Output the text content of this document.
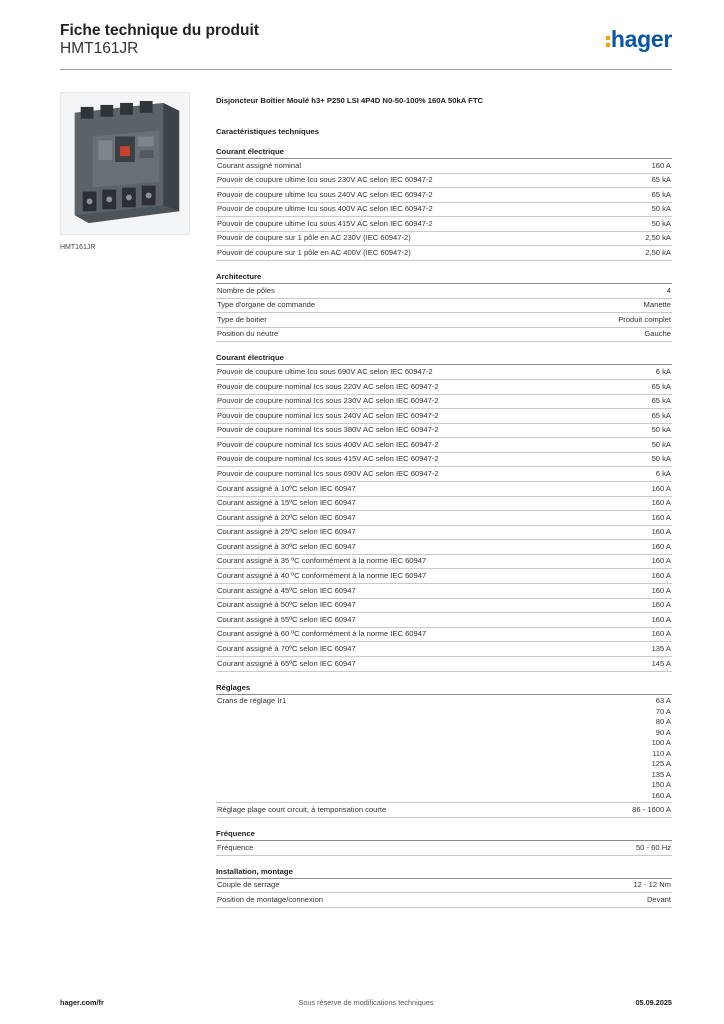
Fiche technique du produit
HMT161JR	hager
HMT161JR
Disjoncteur Boîtier Moulé h3+ P250 LSI 4P4D N0-50-100% 160A 50kA FTC
Caractéristiques techniques
Courant électrique
Courant assigné nominal	160 A
Pouvoir de coupure ultime Icu sous 230V AC selon IEC 60947-2	65 kA
Pouvoir de coupure ultime Icu sous 240V AC selon IEC 60947-2	65 kA
Pouvoir de coupure ultime Icu sous 400V AC selon IEC 60947-2	50 kA
Pouvoir de coupure ultime Icu sous 415V AC selon IEC 60947-2	50 kA
Pouvoir de coupure sur 1 pôle en AC 230V (IEC 60947-2)	2,50 kA
Pouvoir de coupure sur 1 pôle en AC 400V (IEC 60947-2)	2,50 kA
Architecture
Nombre de pôles	4
Type d'organe de commande	Manette
Type de boitier	Produit complet
Position du neutre	Gauche
Courant électrique
Pouvoir de coupure ultime Icu sous 690V AC selon IEC 60947-2	6 kA
Pouvoir de coupure nominal Ics sous 220V AC selon IEC 60947-2	65 kA
Pouvoir de coupure nominal Ics sous 230V AC selon IEC 60947-2	65 kA
Pouvoir de coupure nominal Ics sous 240V AC selon IEC 60947-2	65 kA
Pouvoir de coupure nominal Ics sous 380V AC selon IEC 60947-2	50 kA
Pouvoir de coupure nominal Ics sous 400V AC selon IEC 60947-2	50 kA
Pouvoir de coupure nominal Ics sous 415V AC selon IEC 60947-2	50 kA
Pouvoir de coupure nominal Ics sous 690V AC selon IEC 60947-2	6 kA
Courant assigné à 10ºC selon IEC 60947	160 A
Courant assigné à 15ºC selon IEC 60947	160 A
Courant assigné à 20ºC selon IEC 60947	160 A
Courant assigné à 25ºC selon IEC 60947	160 A
Courant assigné à 30ºC selon IEC 60947	160 A
Courant assigné à 35 ºC conformément à la norme IEC 60947	160 A
Courant assigné à 40 ºC conformément à la norme IEC 60947	160 A
Courant assigné à 45ºC selon IEC 60947	160 A
Courant assigné à 50ºC selon IEC 60947	160 A
Courant assigné à 55ºC selon IEC 60947	160 A
Courant assigné à 60 ºC conformément à la norme IEC 60947	160 A
Courant assigné à 70ºC selon IEC 60947	135 A
Courant assigné à 65ºC selon IEC 60947	145 A
Réglages
Crans de réglage Ir1	63 A
70 A
80 A
90 A
100 A
110 A
125 A
135 A
150 A
160 A
Réglage plage court circuit, à temporisation courte	86 - 1600 A
Fréquence
Fréquence	50 - 60 Hz
Installation, montage
Couple de serrage	12 - 12 Nm
Position de montage/connexion	Devant
hager.com/fr	Sous réserve de modifications techniques	05.09.2025
